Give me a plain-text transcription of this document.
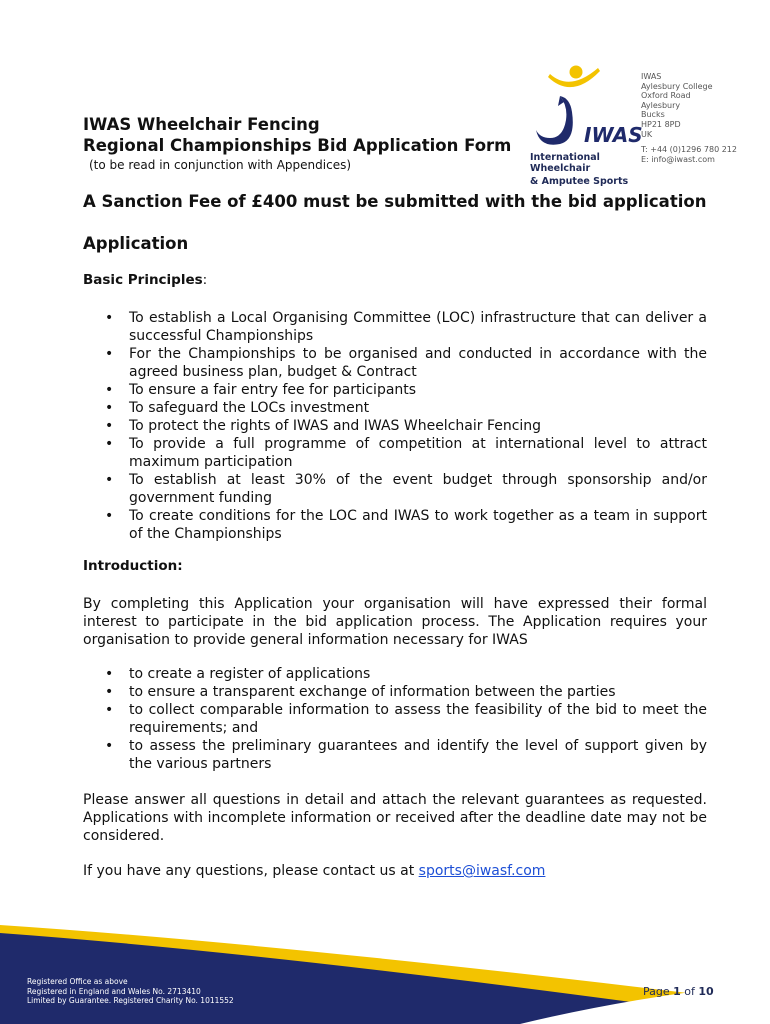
IWAS Wheelchair Fencing

Regional Championships Bid Application Form

(to be read in conjunction with Appendices)

IWAS
International Wheelchair
& Amputee Sports
IWAS
Aylesbury College
Oxford Road
Aylesbury
Bucks
HP21 8PD
UK
T: +44 (0)1296 780 212
E: info@iwast.com
A Sanction Fee of £400 must be submitted with the bid application
Application
Basic Principles:
• To establish a Local Organising Committee (LOC) infrastructure that can deliver a successful Championships
• For the Championships to be organised and conducted in accordance with the agreed business plan, budget & Contract
• To ensure a fair entry fee for participants
• To safeguard the LOCs investment
• To protect the rights of IWAS and IWAS Wheelchair Fencing
• To provide a full programme of competition at international level to attract maximum participation
• To establish at least 30% of the event budget through sponsorship and/or government funding
• To create conditions for the LOC and IWAS to work together as a team in support of the Championships
Introduction:

By completing this Application your organisation will have expressed their formal interest to participate in the bid application process. The Application requires your organisation to provide general information necessary for IWAS

• to create a register of applications
• to ensure a transparent exchange of information between the parties
• to collect comparable information to assess the feasibility of the bid to meet the requirements; and
• to assess the preliminary guarantees and identify the level of support given by the various partners

Please answer all questions in detail and attach the relevant guarantees as requested. Applications with incomplete information or received after the deadline date may not be considered.

If you have any questions, please contact us at sports@iwasf.com

Registered Office as above
Registered in England and Wales No. 2713410
Limited by Guarantee. Registered Charity No. 1011552
Page 1 of 10
